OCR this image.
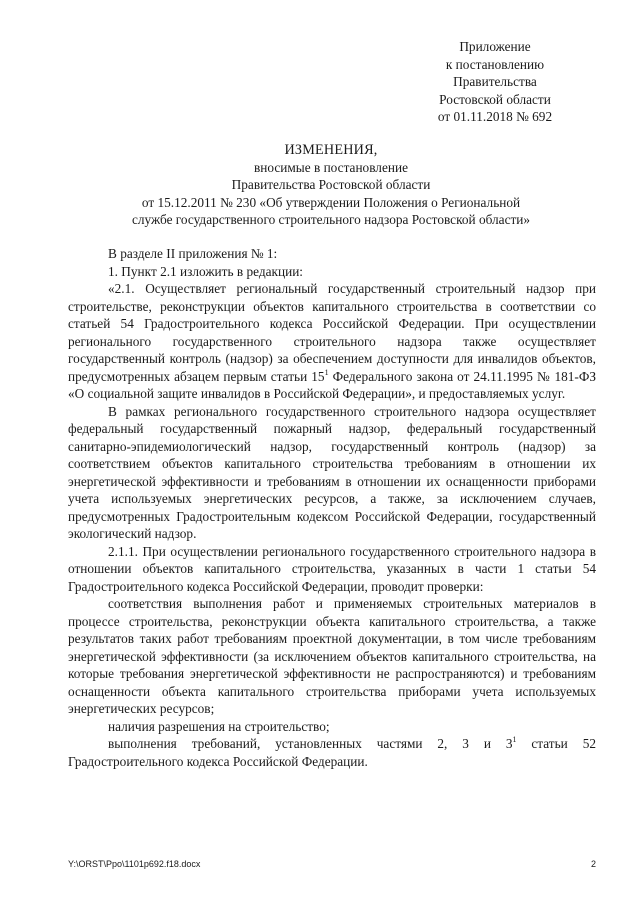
Приложение
к постановлению
Правительства
Ростовской области
от 01.11.2018 № 692
ИЗМЕНЕНИЯ,
вносимые в постановление
Правительства Ростовской области
от 15.12.2011 № 230 «Об утверждении Положения о Региональной
службе государственного строительного надзора Ростовской области»

В разделе II приложения № 1:

1. Пункт 2.1 изложить в редакции:

«2.1. Осуществляет региональный государственный строительный надзор при строительстве, реконструкции объектов капитального строительства в соответствии со статьей 54 Градостроительного кодекса Российской Федерации. При осуществлении регионального государственного строительного надзора также осуществляет государственный контроль (надзор) за обеспечением доступности для инвалидов объектов, предусмотренных абзацем первым статьи $15^1$ Федерального закона от 24.11.1995 № 181-ФЗ «О социальной защите инвалидов в Российской Федерации», и предоставляемых услуг.

В рамках регионального государственного строительного надзора осуществляет федеральный государственный пожарный надзор, федеральный государственный санитарно-эпидемиологический надзор, государственный контроль (надзор) за соответствием объектов капитального строительства требованиям в отношении их энергетической эффективности и требованиям в отношении их оснащенности приборами учета используемых энергетических ресурсов, а также, за исключением случаев, предусмотренных Градостроительным кодексом Российской Федерации, государственный экологический надзор.

2.1.1. При осуществлении регионального государственного строительного надзора в отношении объектов капитального строительства, указанных в части 1 статьи 54 Градостроительного кодекса Российской Федерации, проводит проверки:

соответствия выполнения работ и применяемых строительных материалов в процессе строительства, реконструкции объекта капитального строительства, а также результатов таких работ требованиям проектной документации, в том числе требованиям энергетической эффективности (за исключением объектов капитального строительства, на которые требования энергетической эффективности не распространяются) и требованиям оснащенности объекта капитального строительства приборами учета используемых энергетических ресурсов;

наличия разрешения на строительство;

выполнения требований, установленных частями 2, 3 и $3^1$ статьи 52 Градостроительного кодекса Российской Федерации.

Y:\ORST\Ppo\1101p692.f18.docx	2
